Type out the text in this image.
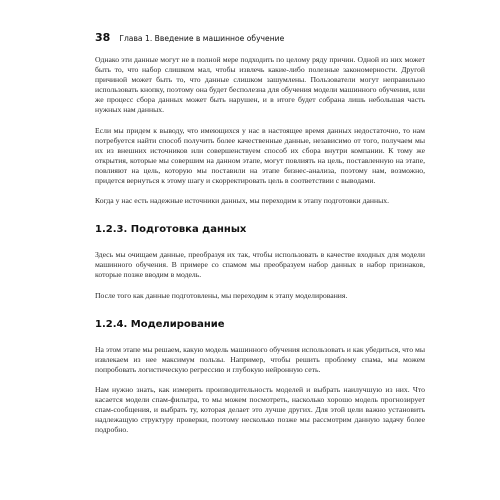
38 Глава 1. Введение в машинное обучение

Однако эти данные могут не в полной мере подходить по целому ряду причин. Одной из них может быть то, что набор слишком мал, чтобы извлечь какие-либо полезные закономерности. Другой причиной может быть то, что данные слишком зашумлены. Пользователи могут неправильно использовать кнопку, поэтому она будет бесполезна для обучения модели машинного обучения, или же процесс сбора данных может быть нарушен, и в итоге будет собрана лишь небольшая часть нужных нам данных.

Если мы придем к выводу, что имеющихся у нас в настоящее время данных недостаточно, то нам потребуется найти способ получить более качественные данные, независимо от того, получаем мы их из внешних источников или совершенствуем способ их сбора внутри компании. К тому же открытия, которые мы совершим на данном этапе, могут повлиять на цель, поставленную на этапе, повлияют на цель, которую мы поставили на этапе бизнес-анализа, поэтому нам, возможно, придется вернуться к этому шагу и скорректировать цель в соответствии с выводами.

Когда у нас есть надежные источники данных, мы переходим к этапу подготовки данных.

1.2.3. Подготовка данных

Здесь мы очищаем данные, преобразуя их так, чтобы использовать в качестве входных для модели машинного обучения. В примере со спамом мы преобразуем набор данных в набор признаков, которые позже вводим в модель.

После того как данные подготовлены, мы переходим к этапу моделирования.

1.2.4. Моделирование

На этом этапе мы решаем, какую модель машинного обучения использовать и как убедиться, что мы извлекаем из нее максимум пользы. Например, чтобы решить проблему спама, мы можем попробовать логистическую регрессию и глубокую нейронную сеть.

Нам нужно знать, как измерить производительность моделей и выбрать наилучшую из них. Что касается модели спам-фильтра, то мы можем посмотреть, насколько хорошо модель прогнозирует спам-сообщения, и выбрать ту, которая делает это лучше других. Для этой цели важно установить надлежащую структуру проверки, поэтому несколько позже мы рассмотрим данную задачу более подробно.
